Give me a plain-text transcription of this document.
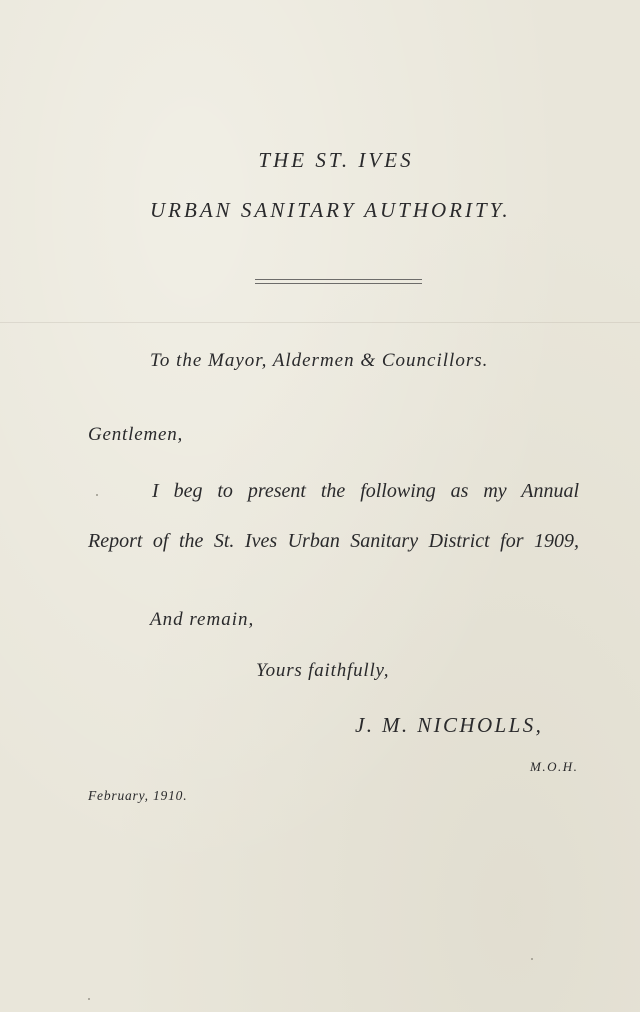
THE ST. IVES

URBAN SANITARY AUTHORITY.

To the Mayor, Aldermen & Councillors.

Gentlemen,

I beg to present the following as my Annual

Report of the St. Ives Urban Sanitary District for 1909,

And remain,

Yours faithfully,

J. M. NICHOLLS,

M.O.H.

February, 1910.
